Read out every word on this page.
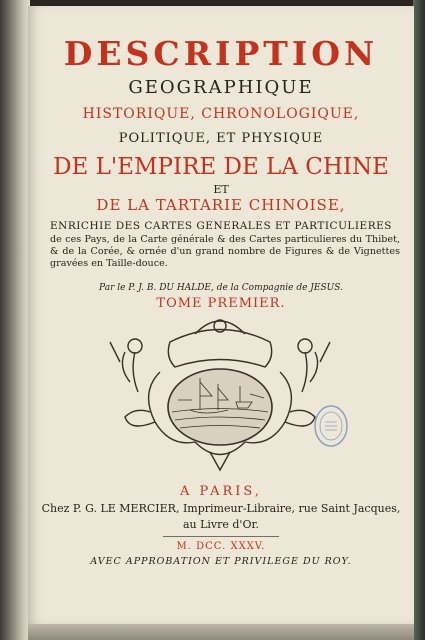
DESCRIPTION
GEOGRAPHIQUE
HISTORIQUE, CHRONOLOGIQUE,
POLITIQUE, ET PHYSIQUE
DE L'EMPIRE DE LA CHINE
ET
DE LA TARTARIE CHINOISE,
ENRICHIE DES CARTES GENERALES ET PARTICULIERES
de ces Pays, de la Carte générale & des Cartes particulieres du Thibet, & de la Corée, & ornée d'un grand nombre de Figures & de Vignettes gravées en Taille-douce.
Par le P. J. B. DU HALDE, de la Compagnie de JESUS.
TOME PREMIER.
A PARIS,
Chez P. G. LE MERCIER, Imprimeur-Libraire, rue Saint Jacques,
au Livre d'Or.
M. DCC. XXXV.
AVEC APPROBATION ET PRIVILEGE DU ROY.
